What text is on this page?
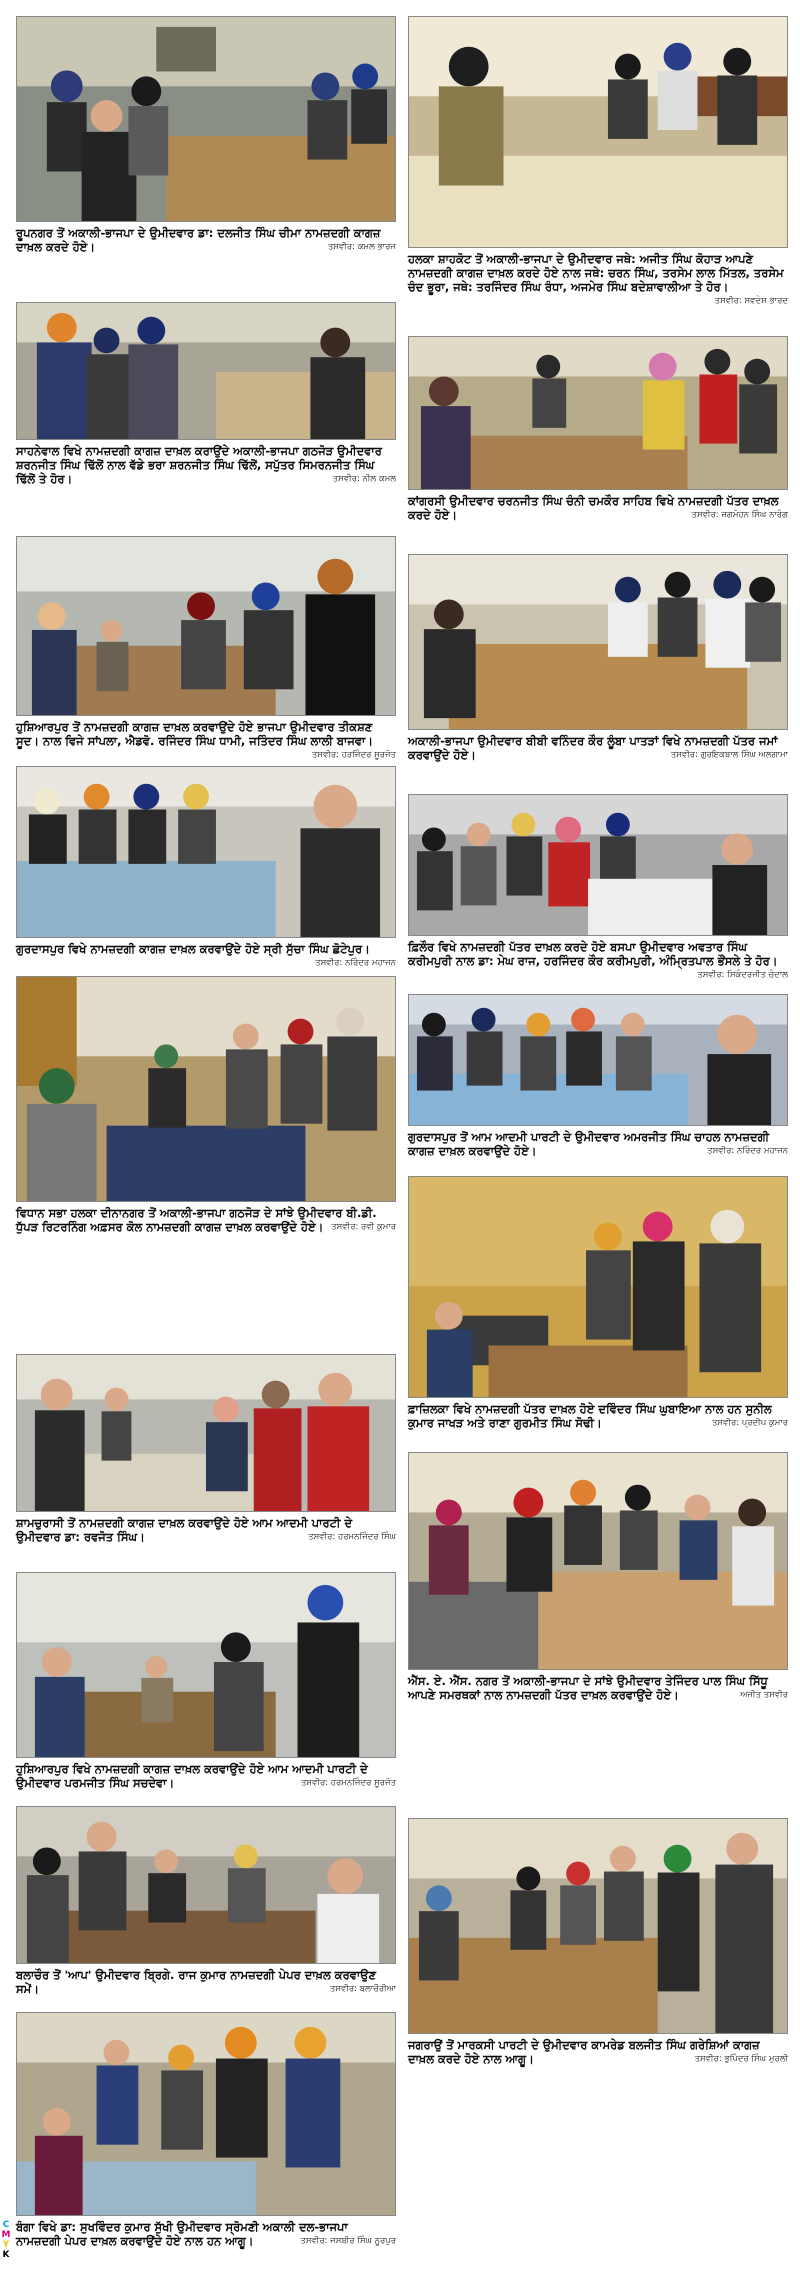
ਰੂਪਨਗਰ ਤੋਂ ਅਕਾਲੀ-ਭਾਜਪਾ ਦੇ ਉਮੀਦਵਾਰ ਡਾ: ਦਲਜੀਤ ਸਿੰਘ ਚੀਮਾ ਨਾਮਜ਼ਦਗੀ ਕਾਗਜ਼ ਦਾਖ਼ਲ ਕਰਦੇ ਹੋਏ।	ਤਸਵੀਰ: ਕਮਲ ਭਾਰਜ
ਸਾਹਨੇਵਾਲ ਵਿਖੇ ਨਾਮਜ਼ਦਗੀ ਕਾਗਜ਼ ਦਾਖ਼ਲ ਕਰਾਉਂਦੇ ਅਕਾਲੀ-ਭਾਜਪਾ ਗਠਜੋੜ ਉਮੀਦਵਾਰ ਸ਼ਰਨਜੀਤ ਸਿੰਘ ਢਿੱਲੋਂ ਨਾਲ ਵੱਡੇ ਭਰਾ ਸ਼ਰਨਜੀਤ ਸਿੰਘ ਢਿੱਲੋਂ, ਸਪੁੱਤਰ ਸਿਮਰਨਜੀਤ ਸਿੰਘ ਢਿੱਲੋਂ ਤੇ ਹੋਰ।	ਤਸਵੀਰ: ਨੀਲ ਕਮਲ
ਹੁਸ਼ਿਆਰਪੁਰ ਤੋਂ ਨਾਮਜ਼ਦਗੀ ਕਾਗਜ਼ ਦਾਖ਼ਲ ਕਰਵਾਉਂਦੇ ਹੋਏ ਭਾਜਪਾ ਉਮੀਦਵਾਰ ਤੀਕਸ਼ਣ ਸੂਦ। ਨਾਲ ਵਿਜੇ ਸਾਂਪਲਾ, ਐਡਵੋ. ਰਜਿੰਦਰ ਸਿੰਘ ਧਾਮੀ, ਜਤਿੰਦਰ ਸਿੰਘ ਲਾਲੀ ਬਾਜਵਾ।
ਤਸਵੀਰ: ਹਰਜਿੰਦਰ ਸੂਰਜੋਤ
ਗੁਰਦਾਸਪੁਰ ਵਿਖੇ ਨਾਮਜ਼ਦਗੀ ਕਾਗਜ਼ ਦਾਖ਼ਲ ਕਰਵਾਉਂਦੇ ਹੋਏ ਸ੍ਰੀ ਸੁੱਚਾ ਸਿੰਘ ਛੋਟੇਪੁਰ।
ਤਸਵੀਰ: ਨਰਿੰਦਰ ਮਹਾਜਨ
ਵਿਧਾਨ ਸਭਾ ਹਲਕਾ ਦੀਨਾਨਗਰ ਤੋਂ ਅਕਾਲੀ-ਭਾਜਪਾ ਗਠਜੋੜ ਦੇ ਸਾਂਝੇ ਉਮੀਦਵਾਰ ਬੀ.ਡੀ. ਧੁੱਪੜ ਰਿਟਰਨਿੰਗ ਅਫ਼ਸਰ ਕੋਲ ਨਾਮਜ਼ਦਗੀ ਕਾਗਜ਼ ਦਾਖ਼ਲ ਕਰਵਾਉਂਦੇ ਹੋਏ। ਤਸਵੀਰ: ਰਵੀ ਕੁਮਾਰ
ਸ਼ਾਮਚੁਰਾਸੀ ਤੋਂ ਨਾਮਜ਼ਦਗੀ ਕਾਗਜ਼ ਦਾਖ਼ਲ ਕਰਵਾਉਂਦੇ ਹੋਏ ਆਮ ਆਦਮੀ ਪਾਰਟੀ ਦੇ ਉਮੀਦਵਾਰ ਡਾ: ਰਵਜੋਤ ਸਿੰਘ।	ਤਸਵੀਰ: ਹਰਮਨਜਿੰਦਰ ਸਿੰਘ
ਹੁਸ਼ਿਆਰਪੁਰ ਵਿਖੇ ਨਾਮਜ਼ਦਗੀ ਕਾਗਜ਼ ਦਾਖ਼ਲ ਕਰਵਾਉਂਦੇ ਹੋਏ ਆਮ ਆਦਮੀ ਪਾਰਟੀ ਦੇ ਉਮੀਦਵਾਰ ਪਰਮਜੀਤ ਸਿੰਘ ਸਚਦੇਵਾ।	ਤਸਵੀਰ: ਹਰਮਨਜਿੰਦਰ ਸੂਰਜੋਤ
ਬਲਾਚੌਰ ਤੋਂ 'ਆਪ' ਉਮੀਦਵਾਰ ਬ੍ਰਿਗੇ. ਰਾਜ ਕੁਮਾਰ ਨਾਮਜ਼ਦਗੀ ਪੇਪਰ ਦਾਖ਼ਲ ਕਰਵਾਉਣ ਸਮੇਂ।	ਤਸਵੀਰ: ਬਲਾਚੌਰੀਆ
ਬੰਗਾ ਵਿਖੇ ਡਾ: ਸੁਖਵਿੰਦਰ ਕੁਮਾਰ ਸੁੱਖੀ ਉਮੀਦਵਾਰ ਸ੍ਰੋਮਣੀ ਅਕਾਲੀ ਦਲ-ਭਾਜਪਾ ਨਾਮਜ਼ਦਗੀ ਪੇਪਰ ਦਾਖ਼ਲ ਕਰਵਾਉਂਦੇ ਹੋਏ ਨਾਲ ਹਨ ਆਗੂ।	ਤਸਵੀਰ: ਜਸਬੀਰ ਸਿੰਘ ਨੂਰਪੁਰ
ਹਲਕਾ ਸ਼ਾਹਕੋਟ ਤੋਂ ਅਕਾਲੀ-ਭਾਜਪਾ ਦੇ ਉਮੀਦਵਾਰ ਜਥੇ: ਅਜੀਤ ਸਿੰਘ ਕੋਹਾੜ ਆਪਣੇ ਨਾਮਜ਼ਦਗੀ ਕਾਗਜ਼ ਦਾਖ਼ਲ ਕਰਦੇ ਹੋਏ ਨਾਲ ਜਥੇ: ਚਰਨ ਸਿੰਘ, ਤਰਸੇਮ ਲਾਲ ਮਿੱਤਲ, ਤਰਸੇਮ ਚੰਦ ਭੂਰਾ, ਜਥੇ: ਤਰਜਿੰਦਰ ਸਿੰਘ ਰੰਧਾ, ਅਜਮੇਰ ਸਿੰਘ ਬਦੇਸ਼ਾਵਾਲੀਆ ਤੇ ਹੋਰ।
ਤਸਵੀਰ: ਸਵਦੇਸ਼ ਭਾਰਦ
ਕਾਂਗਰਸੀ ਉਮੀਦਵਾਰ ਚਰਨਜੀਤ ਸਿੰਘ ਚੰਨੀ ਚਮਕੌਰ ਸਾਹਿਬ ਵਿਖੇ ਨਾਮਜ਼ਦਗੀ ਪੱਤਰ ਦਾਖ਼ਲ ਕਰਦੇ ਹੋਏ।	ਤਸਵੀਰ: ਜਗਮੋਹਨ ਸਿੰਘ ਨਾਰੰਗ
ਅਕਾਲੀ-ਭਾਜਪਾ ਉਮੀਦਵਾਰ ਬੀਬੀ ਵਨਿੰਦਰ ਕੌਰ ਲੂੰਬਾ ਪਾਤੜਾਂ ਵਿਖੇ ਨਾਮਜ਼ਦਗੀ ਪੱਤਰ ਜਮਾਂ ਕਰਵਾਉਂਦੇ ਹੋਏ।	ਤਸਵੀਰ: ਗੁਰਇਕਬਾਲ ਸਿੰਘ ਅਲਗਾਮਾ
ਫ਼ਿਲੌਰ ਵਿਖੇ ਨਾਮਜ਼ਦਗੀ ਪੱਤਰ ਦਾਖ਼ਲ ਕਰਦੇ ਹੋਏ ਬਸਪਾ ਉਮੀਦਵਾਰ ਅਵਤਾਰ ਸਿੰਘ ਕਰੀਮਪੁਰੀ ਨਾਲ ਡਾ: ਮੇਘ ਰਾਜ, ਹਰਜਿੰਦਰ ਕੌਰ ਕਰੀਮਪੁਰੀ, ਅੰਮ੍ਰਿਤਪਾਲ ਭੌਂਸਲੇ ਤੇ ਹੋਰ।
ਤਸਵੀਰ: ਸਿਕੰਦਰਜੀਤ ਚੰਦਾਲ
ਗੁਰਦਾਸਪੁਰ ਤੋਂ ਆਮ ਆਦਮੀ ਪਾਰਟੀ ਦੇ ਉਮੀਦਵਾਰ ਅਮਰਜੀਤ ਸਿੰਘ ਚਾਹਲ ਨਾਮਜ਼ਦਗੀ ਕਾਗਜ਼ ਦਾਖ਼ਲ ਕਰਵਾਉਂਦੇ ਹੋਏ।	ਤਸਵੀਰ: ਨਰਿੰਦਰ ਮਹਾਜਨ
ਫ਼ਾਜ਼ਿਲਕਾ ਵਿਖੇ ਨਾਮਜ਼ਦਗੀ ਪੱਤਰ ਦਾਖ਼ਲ ਹੋਏ ਦਵਿੰਦਰ ਸਿੰਘ ਘੁਬਾਇਆ ਨਾਲ ਹਨ ਸੁਨੀਲ ਕੁਮਾਰ ਜਾਖੜ ਅਤੇ ਰਾਣਾ ਗੁਰਮੀਤ ਸਿੰਘ ਸੋਢੀ।	ਤਸਵੀਰ: ਪ੍ਰਦੀਪ ਕੁਮਾਰ
ਐੱਸ. ਏ. ਐੱਸ. ਨਗਰ ਤੋਂ ਅਕਾਲੀ-ਭਾਜਪਾ ਦੇ ਸਾਂਝੇ ਉਮੀਦਵਾਰ ਤੇਜਿੰਦਰ ਪਾਲ ਸਿੰਘ ਸਿੱਧੂ ਆਪਣੇ ਸਮਰਥਕਾਂ ਨਾਲ ਨਾਮਜ਼ਦਗੀ ਪੱਤਰ ਦਾਖ਼ਲ ਕਰਵਾਉਂਦੇ ਹੋਏ।	ਅਜੀਤ ਤਸਵੀਰ
ਜਗਰਾਉਂ ਤੋਂ ਮਾਰਕਸੀ ਪਾਰਟੀ ਦੇ ਉਮੀਦਵਾਰ ਕਾਮਰੇਡ ਬਲਜੀਤ ਸਿੰਘ ਗਰੇਸ਼ਿਆਂ ਕਾਗਜ਼ ਦਾਖ਼ਲ ਕਰਦੇ ਹੋਏ ਨਾਲ ਆਗੂ।	ਤਸਵੀਰ: ਭੁਪਿੰਦਰ ਸਿੰਘ ਮੁਰਲੀ
C
M
Y
K
